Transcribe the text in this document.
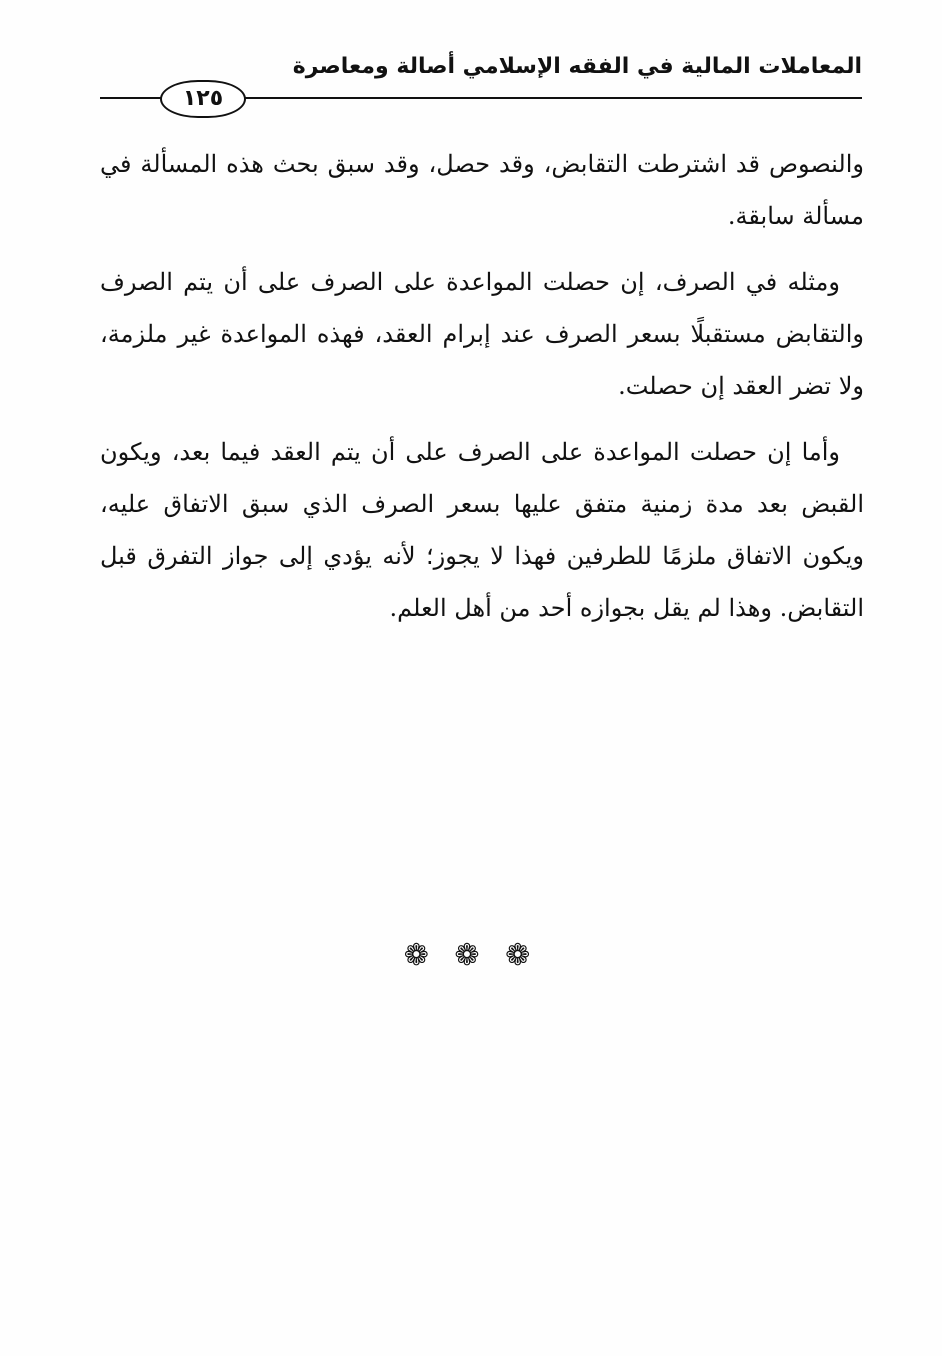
المعاملات المالية في الفقه الإسلامي أصالة ومعاصرة
١٢٥

والنصوص قد اشترطت التقابض، وقد حصل، وقد سبق بحث هذه المسألة في مسألة سابقة.

ومثله في الصرف، إن حصلت المواعدة على الصرف على أن يتم الصرف والتقابض مستقبلًا بسعر الصرف عند إبرام العقد، فهذه المواعدة غير ملزمة، ولا تضر العقد إن حصلت.

وأما إن حصلت المواعدة على الصرف على أن يتم العقد فيما بعد، ويكون القبض بعد مدة زمنية متفق عليها بسعر الصرف الذي سبق الاتفاق عليه، ويكون الاتفاق ملزمًا للطرفين فهذا لا يجوز؛ لأنه يؤدي إلى جواز التفرق قبل التقابض. وهذا لم يقل بجوازه أحد من أهل العلم.

❁ ❁ ❁
